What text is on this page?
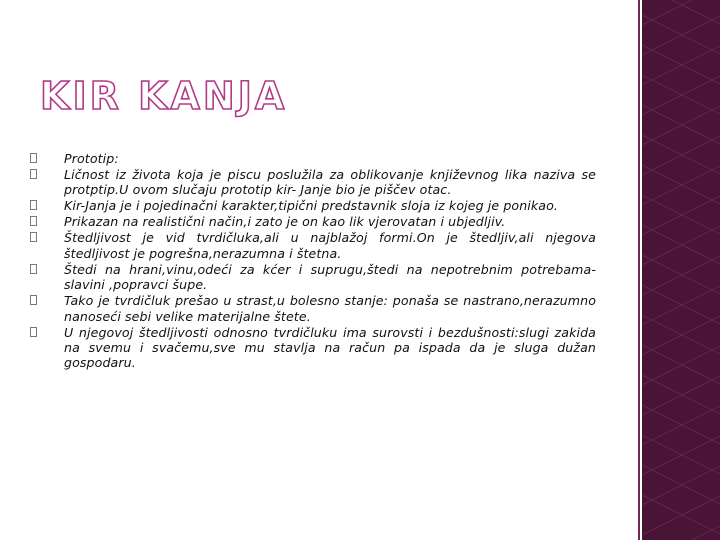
KIR KANJA
Prototip:
Ličnost iz života koja je piscu poslužila za oblikovanje književnog lika naziva se protptip.U ovom slučaju prototip kir- Janje bio je piščev otac.
Kir-Janja je i pojedinačni karakter,tipični predstavnik sloja iz kojeg je ponikao.
Prikazan na realistični način,i zato je on kao lik vjerovatan i ubjedljiv.
Štedljivost je vid tvrdičluka,ali u najblažoj formi.On je štedljiv,ali njegova štedljivost je pogrešna,nerazumna i štetna.
Štedi na hrani,vinu,odeći za kćer i suprugu,štedi na nepotrebnim potrebama-slavini ,popravci šupe.
Tako je tvrdičluk prešao u strast,u bolesno stanje: ponaša se nastrano,nerazumno nanoseći sebi velike materijalne štete.
U njegovoj štedljivosti odnosno tvrdičluku ima surovsti i bezdušnosti:slugi zakida na svemu i svačemu,sve mu stavlja na račun pa ispada da je sluga dužan gospodaru.
